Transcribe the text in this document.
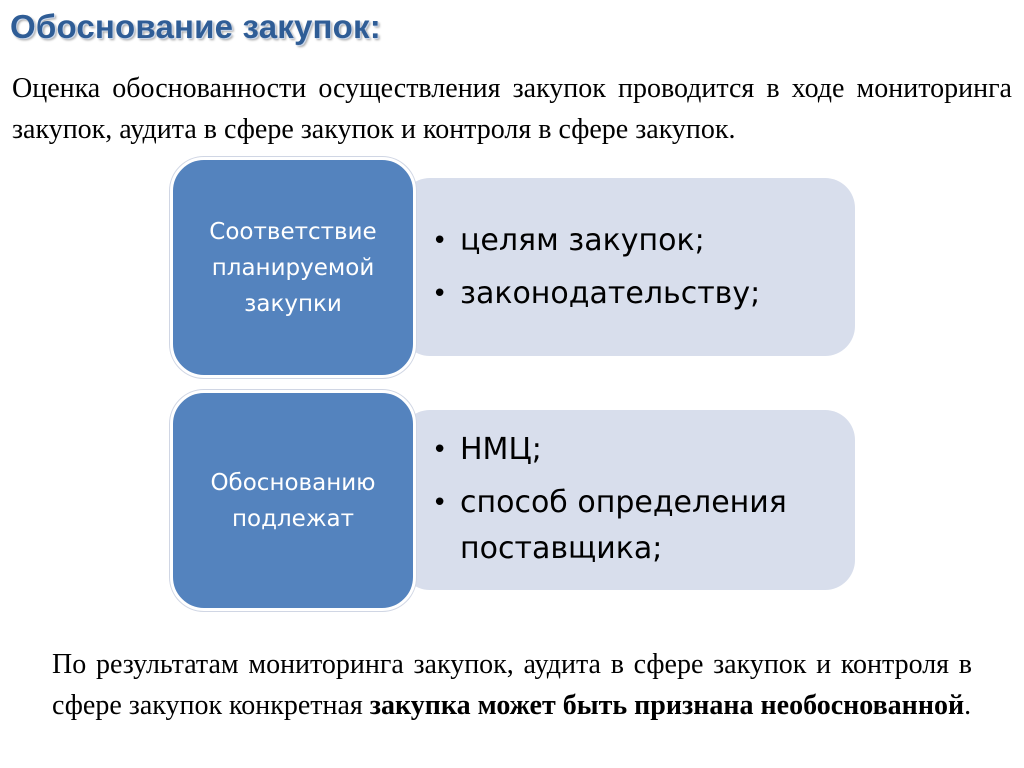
Обоснование закупок:

Оценка обоснованности осуществления закупок проводится в ходе мониторинга закупок, аудита в сфере закупок и контроля в сфере закупок.

• целям закупок;
• законодательству;
Соответствие планируемой закупки
• НМЦ;
• способ определения поставщика;
Обоснованию подлежат

По результатам мониторинга закупок, аудита в сфере закупок и контроля в сфере закупок конкретная закупка может быть признана необоснованной.
